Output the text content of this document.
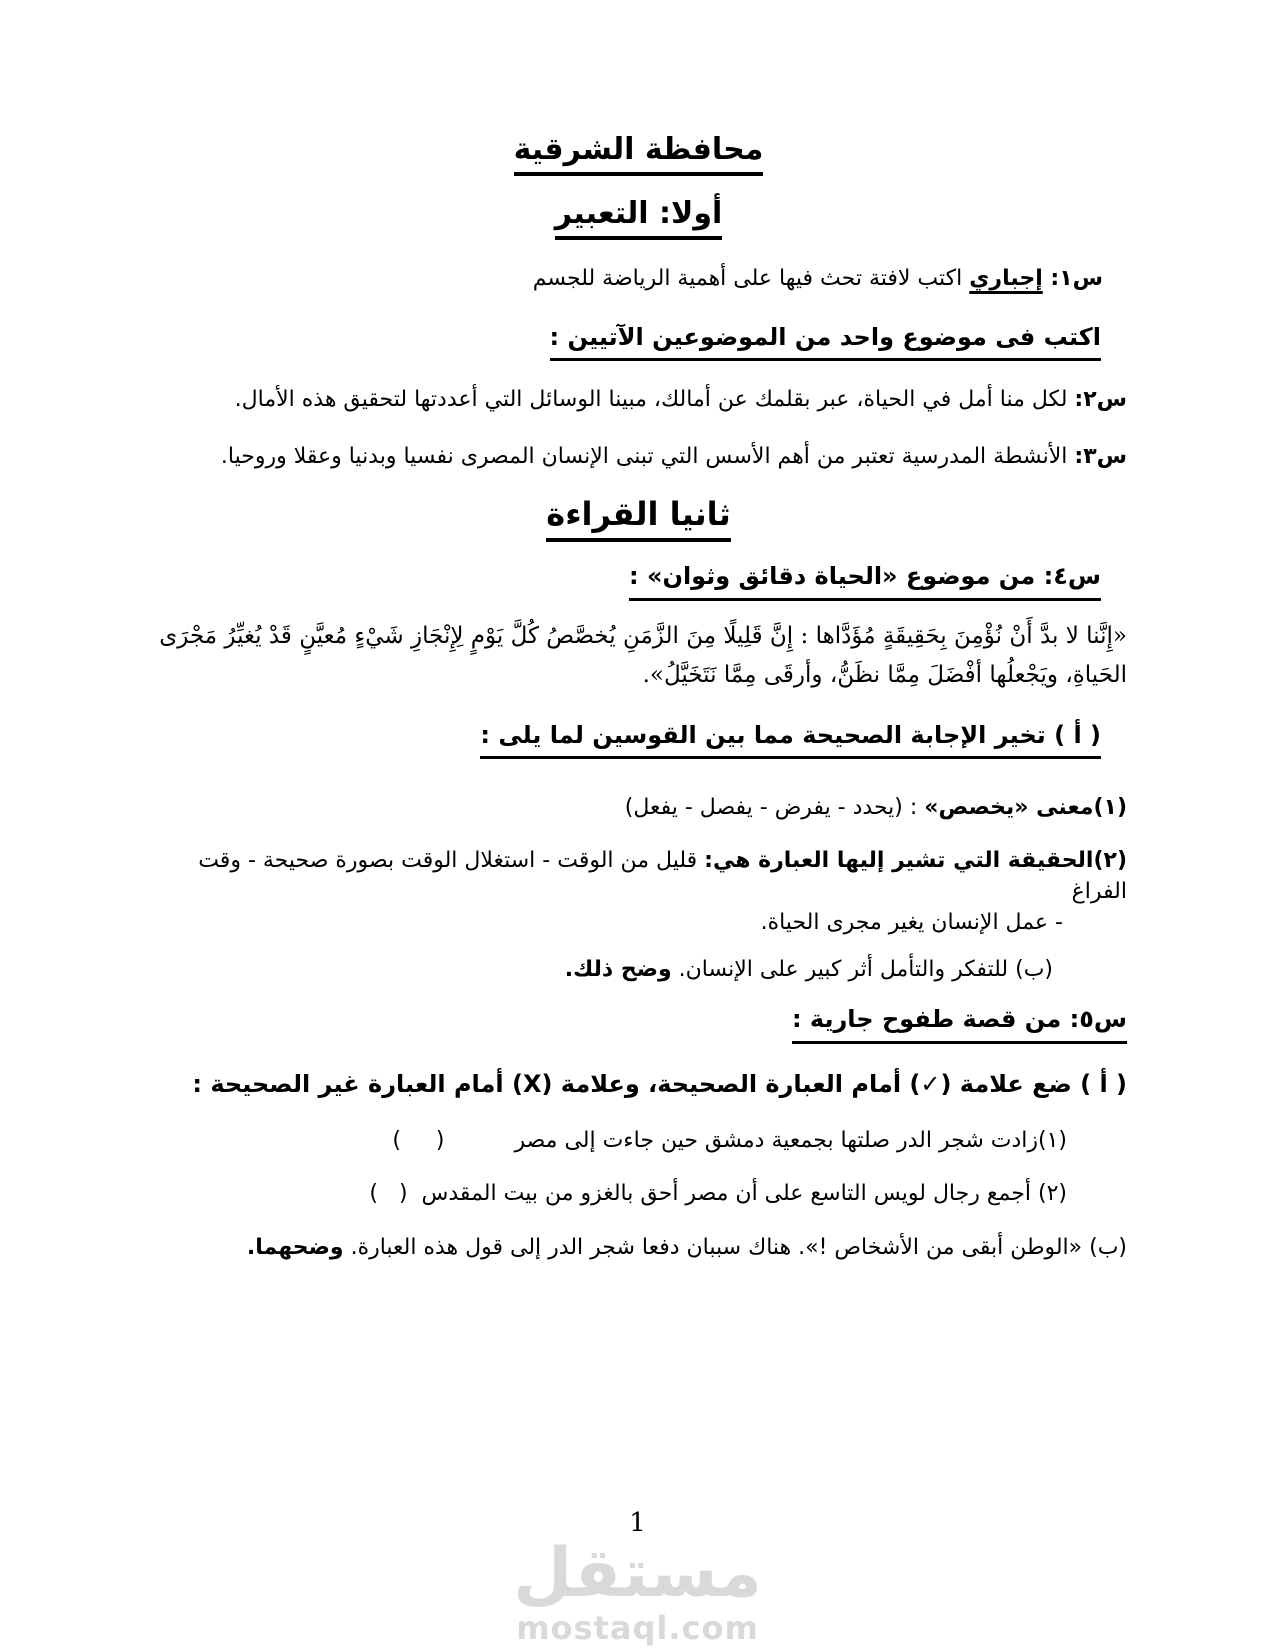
محافظة الشرقية
أولا: التعبير
س١: إجباري اكتب لافتة تحث فيها على أهمية الرياضة للجسم
اكتب فى موضوع واحد من الموضوعين الآتيين :
س٢: لكل منا أمل في الحياة، عبر بقلمك عن أمالك، مبينا الوسائل التي أعددتها لتحقيق هذه الأمال.
س٣: الأنشطة المدرسية تعتبر من أهم الأسس التي تبنى الإنسان المصرى نفسيا وبدنيا وعقلا وروحيا.
ثانيا القراءة
س٤: من موضوع «الحياة دقائق وثوان» :
«إِنَّنا لا بدَّ أَنْ نُؤْمِنَ بِحَقِيقَةٍ مُؤَدَّاها : إِنَّ قَلِيلًا مِنَ الزَّمَنِ يُخصَّصُ كُلَّ يَوْمٍ لِإِنْجَازِ شَيْءٍ مُعيَّنٍ قَدْ يُغيِّرُ مَجْرَى
الحَياةِ، ويَجْعلُها أفْضَلَ مِمَّا نظَنُّ، وأرقَى مِمَّا نَتَخَيَّلُ».
( أ ) تخير الإجابة الصحيحة مما بين القوسين لما يلى :
(١)معنى «يخصص» : (يحدد - يفرض - يفصل - يفعل)
(٢)الحقيقة التي تشير إليها العبارة هي: قليل من الوقت - استغلال الوقت بصورة صحيحة - وقت الفراغ
- عمل الإنسان يغير مجرى الحياة.
(ب) للتفكر والتأمل أثر كبير على الإنسان. وضح ذلك.
س٥: من قصة طفوح جارية :
( أ ) ضع علامة (✓) أمام العبارة الصحيحة، وعلامة (X) أمام العبارة غير الصحيحة :
(١)زادت شجر الدر صلتها بجمعية دمشق حين جاءت إلى مصر(     )
(٢) أجمع رجال لويس التاسع على أن مصر أحق بالغزو من بيت المقدس(   )
(ب) «الوطن أبقى من الأشخاص !». هناك سببان دفعا شجر الدر إلى قول هذه العبارة. وضحهما.
1
مستقل
mostaql.com
